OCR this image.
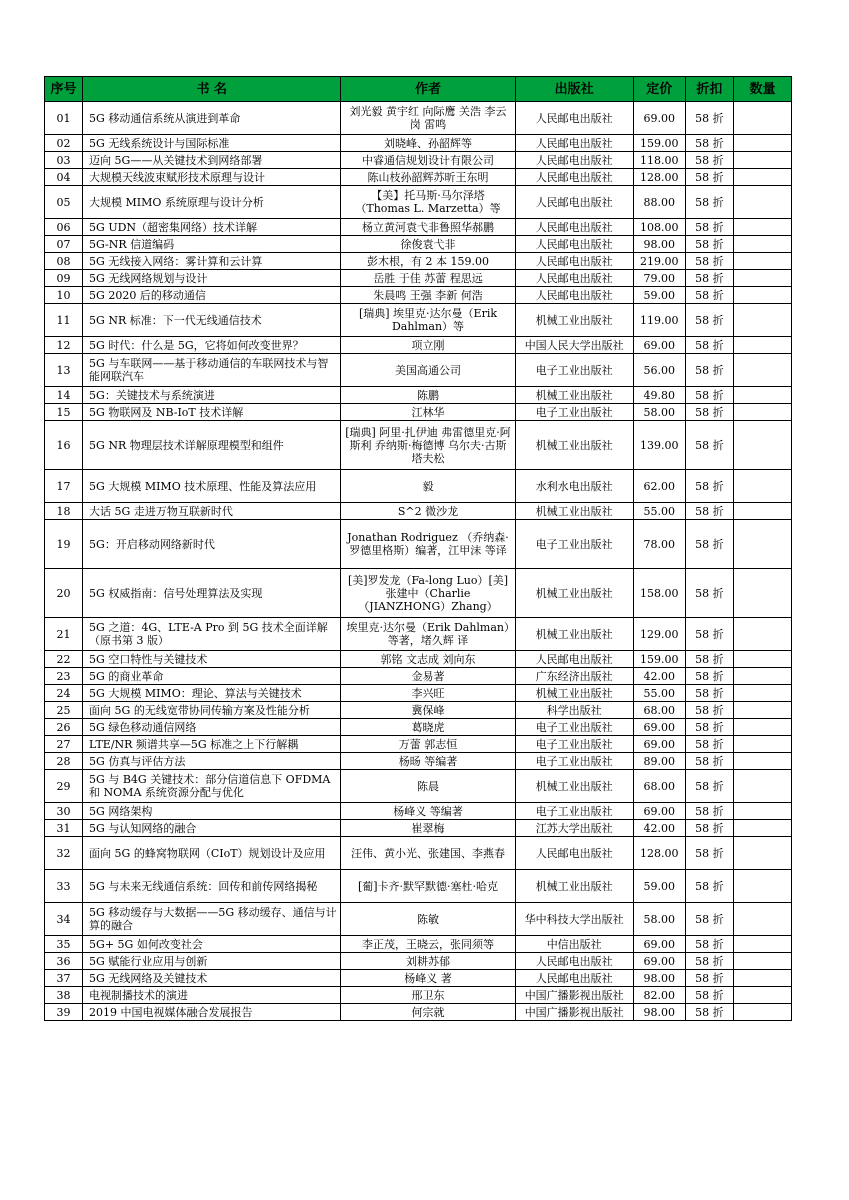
序号	书 名	作者	出版社	定价	折扣	数量
01	5G 移动通信系统从演进到革命	刘光毅 黄宇红 向际鹰 关浩 李云岗 雷鸣	人民邮电出版社	69.00	58 折	
02	5G 无线系统设计与国际标准	刘晓峰、孙韶辉等	人民邮电出版社	159.00	58 折	
03	迈向 5G——从关键技术到网络部署	中睿通信规划设计有限公司	人民邮电出版社	118.00	58 折	
04	大规模天线波束赋形技术原理与设计	陈山枝孙韶辉苏昕王东明	人民邮电出版社	128.00	58 折	
05	大规模 MIMO 系统原理与设计分析	【美】托马斯·马尔泽塔（Thomas L. Marzetta）等	人民邮电出版社	88.00	58 折	
06	5G UDN（超密集网络）技术详解	杨立黄河袁弋非鲁照华郝鹏	人民邮电出版社	108.00	58 折	
07	5G-NR 信道编码	徐俊袁弋非	人民邮电出版社	98.00	58 折	
08	5G 无线接入网络：雾计算和云计算	彭木根，有 2 本 159.00	人民邮电出版社	219.00	58 折	
09	5G 无线网络规划与设计	岳胜 于佳 苏蕾 程思远	人民邮电出版社	79.00	58 折	
10	5G 2020 后的移动通信	朱晨鸣 王强 李新 何浩	人民邮电出版社	59.00	58 折	
11	5G NR 标准：下一代无线通信技术	[瑞典] 埃里克·达尔曼（Erik Dahlman）等	机械工业出版社	119.00	58 折	
12	5G 时代：什么是 5G，它将如何改变世界？	项立刚	中国人民大学出版社	69.00	58 折	
13	5G 与车联网——基于移动通信的车联网技术与智能网联汽车	美国高通公司	电子工业出版社	56.00	58 折	
14	5G：关键技术与系统演进	陈鹏	机械工业出版社	49.80	58 折	
15	5G 物联网及 NB-IoT 技术详解	江林华	电子工业出版社	58.00	58 折	
16	5G NR 物理层技术详解原理模型和组件	[瑞典] 阿里·扎伊迪 弗雷德里克·阿斯利 乔纳斯·梅德博 乌尔夫·古斯塔夫松	机械工业出版社	139.00	58 折	
17	5G 大规模 MIMO 技术原理、性能及算法应用	毅	水利水电出版社	62.00	58 折	
18	大话 5G 走进万物互联新时代	S^2 微沙龙	机械工业出版社	55.00	58 折	
19	5G：开启移动网络新时代	Jonathan Rodriguez （乔纳森·罗德里格斯）编著，江甲沫 等译	电子工业出版社	78.00	58 折	
20	5G 权威指南：信号处理算法及实现	[美]罗发龙（Fa-long Luo）[美]张建中（Charlie（JIANZHONG）Zhang）	机械工业出版社	158.00	58 折	
21	5G 之道：4G、LTE-A Pro 到 5G 技术全面详解（原书第 3 版）	埃里克·达尔曼（Erik Dahlman）等著，堵久辉 译	机械工业出版社	129.00	58 折	
22	5G 空口特性与关键技术	郭铭 文志成 刘向东	人民邮电出版社	159.00	58 折	
23	5G 的商业革命	金易著	广东经济出版社	42.00	58 折	
24	5G 大规模 MIMO：理论、算法与关键技术	李兴旺	机械工业出版社	55.00	58 折	
25	面向 5G 的无线宽带协同传输方案及性能分析	冀保峰	科学出版社	68.00	58 折	
26	5G 绿色移动通信网络	葛晓虎	电子工业出版社	69.00	58 折	
27	LTE/NR 频谱共享—5G 标准之上下行解耦	万蕾 郭志恒	电子工业出版社	69.00	58 折	
28	5G 仿真与评估方法	杨旸 等编著	电子工业出版社	89.00	58 折	
29	5G 与 B4G 关键技术：部分信道信息下 OFDMA 和 NOMA 系统资源分配与优化	陈晨	机械工业出版社	68.00	58 折	
30	5G 网络架构	杨峰义 等编著	电子工业出版社	69.00	58 折	
31	5G 与认知网络的融合	崔翠梅	江苏大学出版社	42.00	58 折	
32	面向 5G 的蜂窝物联网（CIoT）规划设计及应用	汪伟、黄小光、张建国、李燕春	人民邮电出版社	128.00	58 折	
33	5G 与未来无线通信系统：回传和前传网络揭秘	[葡]卡齐·默罕默德·塞杜·哈克	机械工业出版社	59.00	58 折	
34	5G 移动缓存与大数据——5G 移动缓存、通信与计算的融合	陈敏	华中科技大学出版社	58.00	58 折	
35	5G+ 5G 如何改变社会	李正茂，王晓云，张同须等	中信出版社	69.00	58 折	
36	5G 赋能行业应用与创新	刘耕苏郁	人民邮电出版社	69.00	58 折	
37	5G 无线网络及关键技术	杨峰义 著	人民邮电出版社	98.00	58 折	
38	电视制播技术的演进	邢卫东	中国广播影视出版社	82.00	58 折	
39	2019 中国电视媒体融合发展报告	何宗就	中国广播影视出版社	98.00	58 折	
